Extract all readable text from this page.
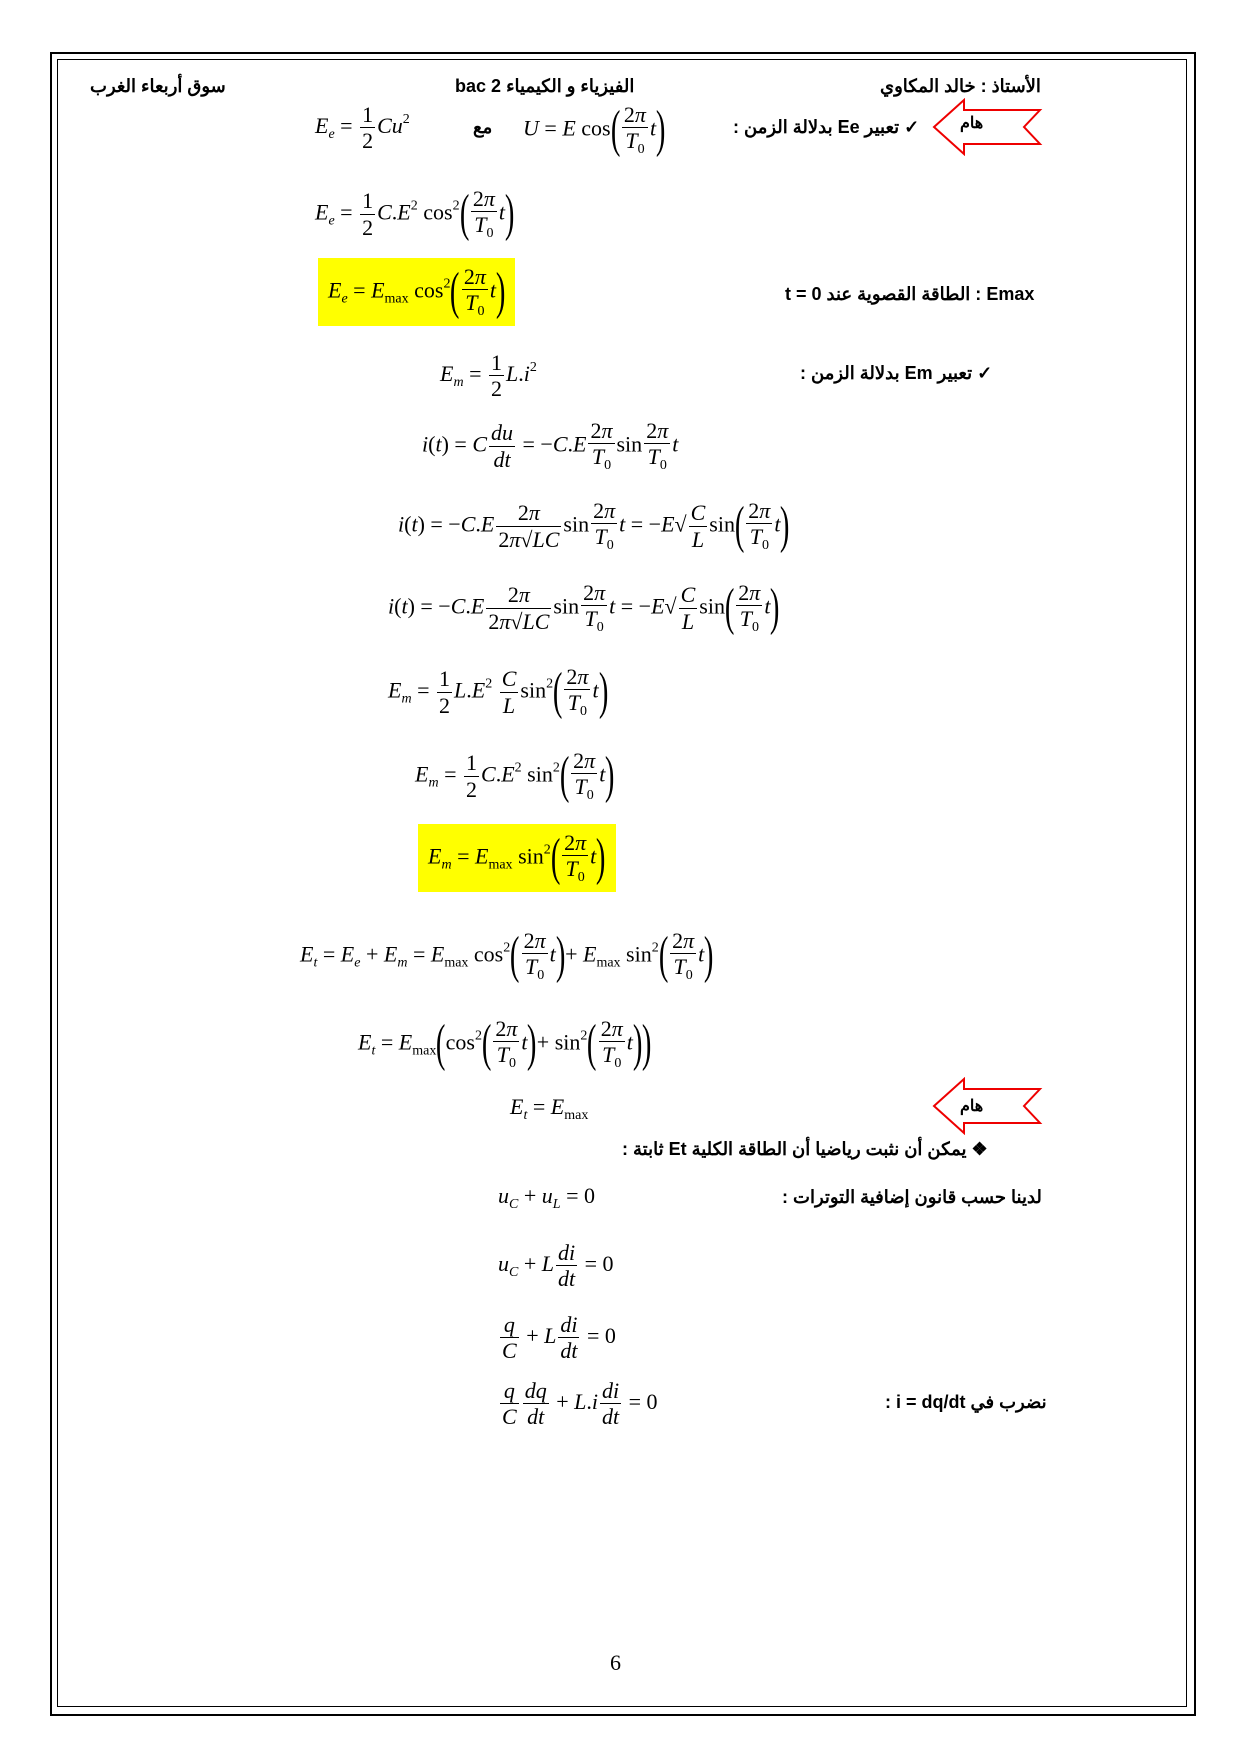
الأستاذ : خالد المكاوي
الفيزياء و الكيمياء 2 bac
سوق أربعاء الغرب
هام
✓ تعبير Ee بدلالة الزمن :
U = E $\cos( \frac{2\pi}{T_0} t)$
مع
$E_e = \frac{1}{2} Cu^2$
$E_e = \frac{1}{2} C.E^2$ $\cos^2( \frac{2\pi}{T_0} t)$
$E_e = E_{max}$ $\cos^2( \frac{2\pi}{T_0} t)$	Emax : الطاقة القصوية عند t = 0
✓ تعبير Em بدلالة الزمن :
$E_m = \frac{1}{2} L.i^2$
i(t) = C $\frac{du}{dt} = -C.E \frac{2\pi}{T_0}$ $\sin \frac{2\pi}{T_0}$ t
$i(t) = -C.E \frac{2\pi}{2\pi√LC}$ $\sin \frac{2\pi}{T_0}$ $t = -E√ \frac{C}{L} \sin( \frac{2\pi}{T_0} t)$
$i(t) = -C.E \frac{2\pi}{2\pi√LC}$ $\sin \frac{2\pi}{T_0}$ $t = -E√ \frac{C}{L} \sin( \frac{2\pi}{T_0} t)$
$E_m = \frac{1}{2} L.E^2 \frac{C}{L} \sin^2( \frac{2\pi}{T_0} t)$
$E_m = \frac{1}{2} C.E^2$ $\sin^2( \frac{2\pi}{T_0} t)$
$E_m = E_{max}$ $\sin^2( \frac{2\pi}{T_0} t)$
$E_t = E_e + E_m = E_{max}$ $\cos^2( \frac{2\pi}{T_0} t)+ E_{max}$ $\sin^2( \frac{2\pi}{T_0} t)$
$E_t = E_{max}(\cos^2( \frac{2\pi}{T_0} t)+ \sin^2( \frac{2\pi}{T_0} t))$
$E_t = E_{max}$
هام
❖ يمكن أن نثبت رياضيا أن الطاقة الكلية Et ثابتة :
لدينا حسب قانون إضافية التوترات :
$u_C + u_L = 0$
$u_C + L \frac{di}{dt} = 0$
$\frac{q}{C} + L \frac{di}{dt} = 0$
$\frac{q}{C} \frac{dq}{dt} + L.i \frac{di}{dt} = 0$	نضرب في i = dq/dt :
6
